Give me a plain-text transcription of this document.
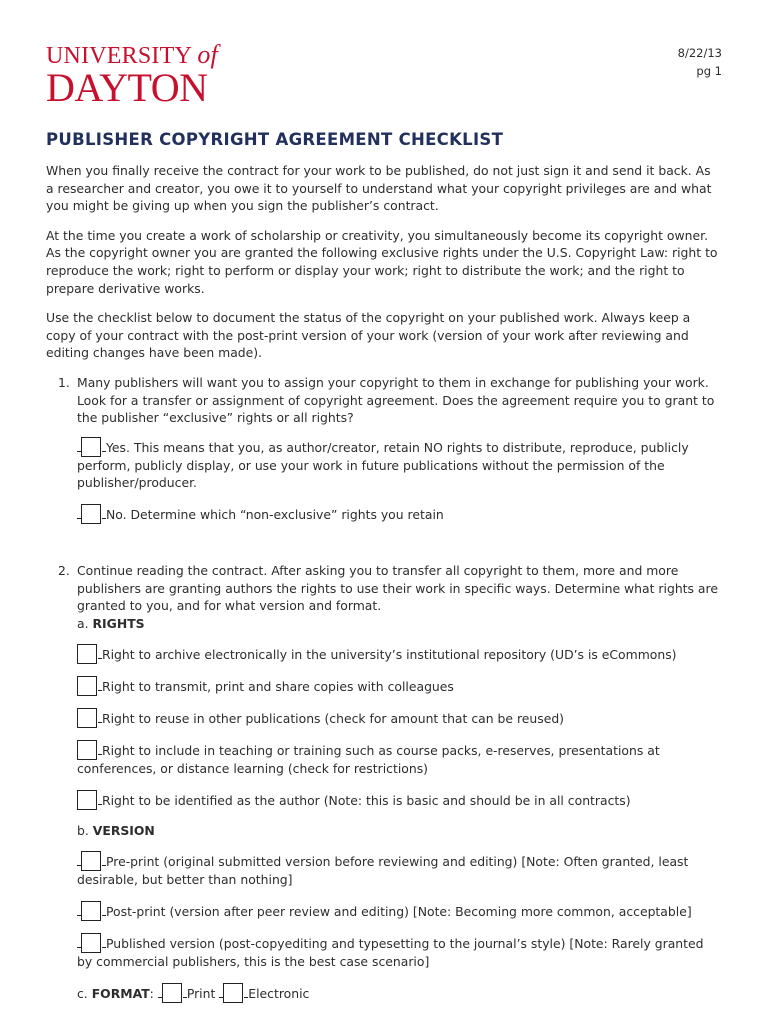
UNIVERSITY of
DAYTON
8/22/13
pg 1
PUBLISHER COPYRIGHT AGREEMENT CHECKLIST

When you finally receive the contract for your work to be published, do not just sign it and send it back. As a researcher and creator, you owe it to yourself to understand what your copyright privileges are and what you might be giving up when you sign the publisher’s contract.

At the time you create a work of scholarship or creativity, you simultaneously become its copyright owner. As the copyright owner you are granted the following exclusive rights under the U.S. Copyright Law: right to reproduce the work; right to perform or display your work; right to distribute the work; and the right to prepare derivative works.

Use the checklist below to document the status of the copyright on your published work. Always keep a copy of your contract with the post-print version of your work (version of your work after reviewing and editing changes have been made).

1. Many publishers will want you to assign your copyright to them in exchange for publishing your work. Look for a transfer or assignment of copyright agreement. Does the agreement require you to grant to the publisher “exclusive” rights or all rights?

Yes. This means that you, as author/creator, retain NO rights to distribute, reproduce, publicly perform, publicly display, or use your work in future publications without the permission of the publisher/producer.

No. Determine which “non-exclusive” rights you retain

2. Continue reading the contract. After asking you to transfer all copyright to them, more and more publishers are granting authors the rights to use their work in specific ways. Determine what rights are granted to you, and for what version and format.

a. RIGHTS

Right to archive electronically in the university’s institutional repository (UD’s is eCommons)

Right to transmit, print and share copies with colleagues

Right to reuse in other publications (check for amount that can be reused)

Right to include in teaching or training such as course packs, e-reserves, presentations at conferences, or distance learning (check for restrictions)

Right to be identified as the author (Note: this is basic and should be in all contracts)

b. VERSION

Pre-print (original submitted version before reviewing and editing) [Note: Often granted, least desirable, but better than nothing]

Post-print (version after peer review and editing) [Note: Becoming more common, acceptable]

Published version (post-copyediting and typesetting to the journal’s style) [Note: Rarely granted by commercial publishers, this is the best case scenario]

c. FORMAT:	Print	Electronic
